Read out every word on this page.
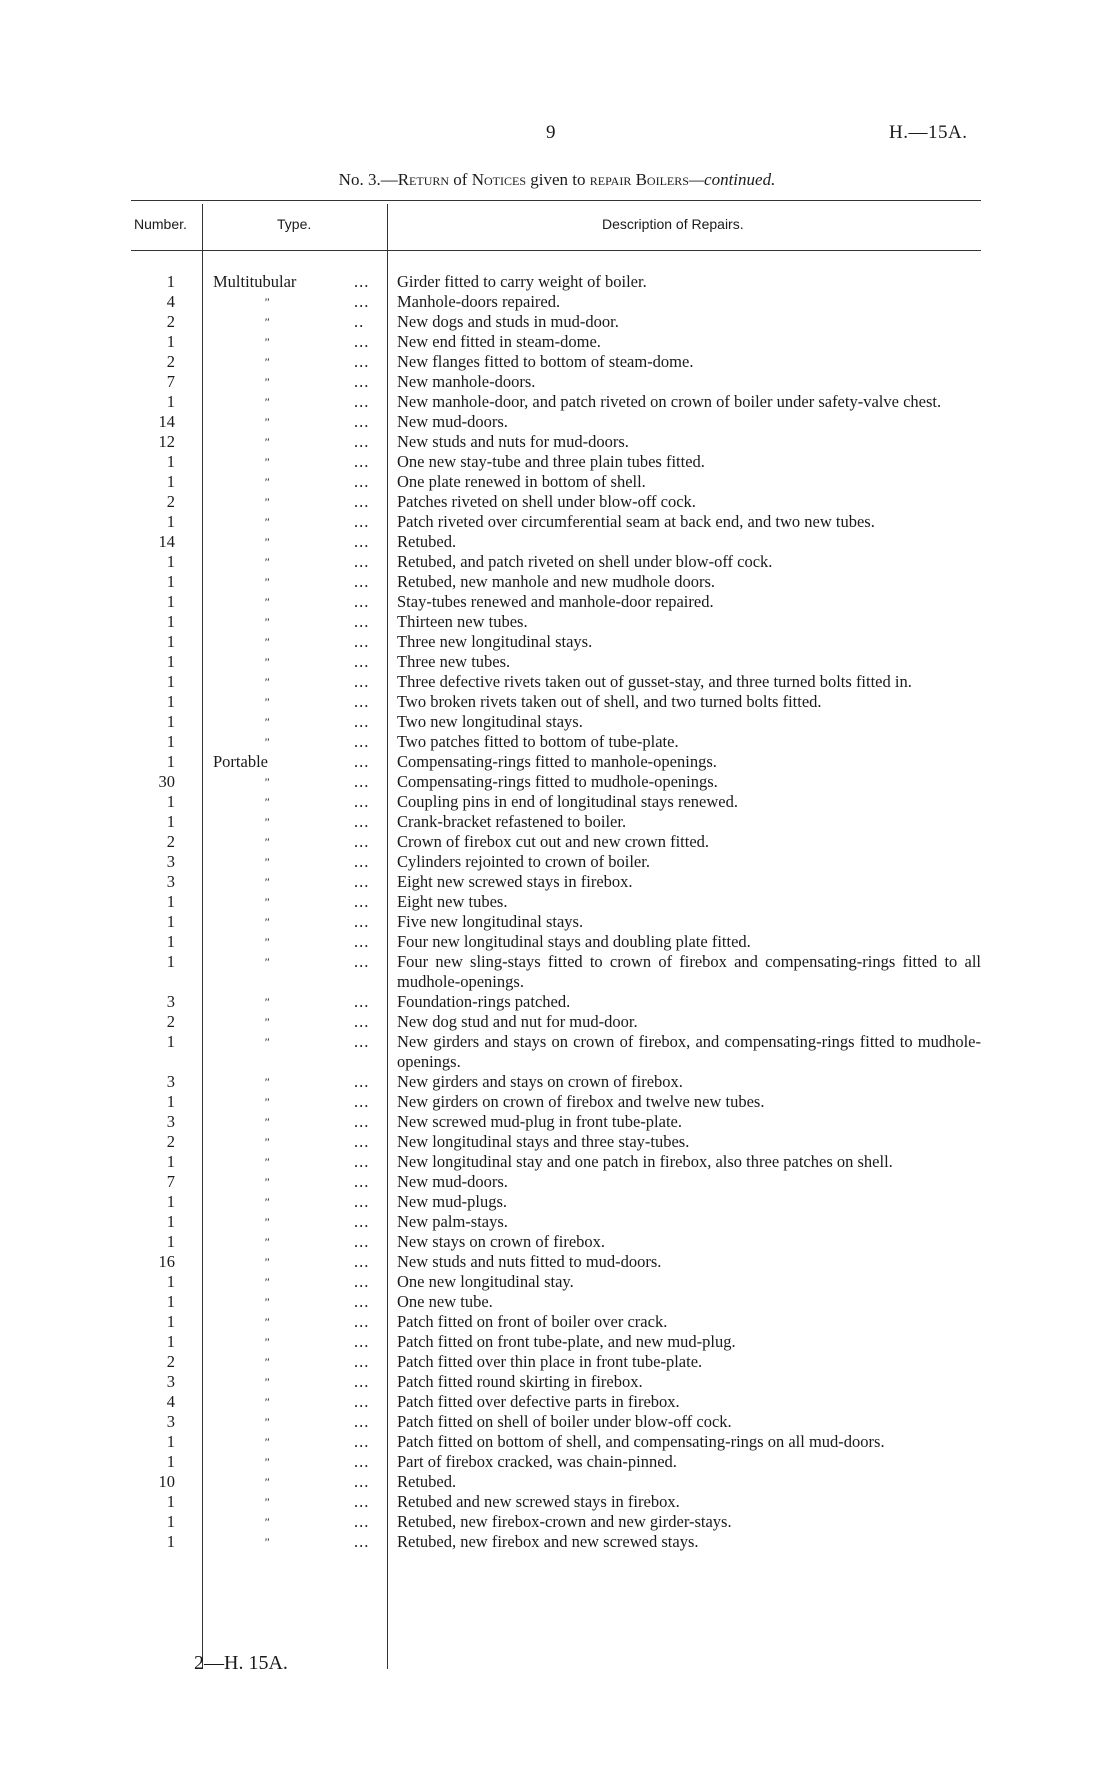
9	H.—15A.
No. 3.—Return of Notices given to repair Boilers—continued.
Number.	Type.	Description of Repairs.
1 Multitubular	... Girder fitted to carry weight of boiler.
4	"	... Manhole-doors repaired.
2	"	.. New dogs and studs in mud-door.
1	"	... New end fitted in steam-dome.
2	"	... New flanges fitted to bottom of steam-dome.
7	"	... New manhole-doors.
1	"	... New manhole-door, and patch riveted on crown of boiler under safety-valve chest.
14	"	... New mud-doors.
12	"	... New studs and nuts for mud-doors.
1	"	... One new stay-tube and three plain tubes fitted.
1	"	... One plate renewed in bottom of shell.
2	"	... Patches riveted on shell under blow-off cock.
1	"	... Patch riveted over circumferential seam at back end, and two new tubes.
14	"	... Retubed.
1	"	... Retubed, and patch riveted on shell under blow-off cock.
1	"	... Retubed, new manhole and new mudhole doors.
1	"	... Stay-tubes renewed and manhole-door repaired.
1	"	... Thirteen new tubes.
1	"	... Three new longitudinal stays.
1	"	... Three new tubes.
1	"	... Three defective rivets taken out of gusset-stay, and three turned bolts fitted in.
1	"	... Two broken rivets taken out of shell, and two turned bolts fitted.
1	"	... Two new longitudinal stays.
1	"	... Two patches fitted to bottom of tube-plate.
1 Portable	... Compensating-rings fitted to manhole-openings.
30	"	... Compensating-rings fitted to mudhole-openings.
1	"	... Coupling pins in end of longitudinal stays renewed.
1	"	... Crank-bracket refastened to boiler.
2	"	... Crown of firebox cut out and new crown fitted.
3	"	... Cylinders rejointed to crown of boiler.
3	"	... Eight new screwed stays in firebox.
1	"	... Eight new tubes.
1	"	... Five new longitudinal stays.
1	"	... Four new longitudinal stays and doubling plate fitted.
1	"	... Four new sling-stays fitted to crown of firebox and compensating-rings fitted to all mudhole-openings.
3	"	... Foundation-rings patched.
2	"	... New dog stud and nut for mud-door.
1	"	... New girders and stays on crown of firebox, and compensating-rings fitted to mudhole-openings.
3	"	... New girders and stays on crown of firebox.
1	"	... New girders on crown of firebox and twelve new tubes.
3	"	... New screwed mud-plug in front tube-plate.
2	"	... New longitudinal stays and three stay-tubes.
1	"	... New longitudinal stay and one patch in firebox, also three patches on shell.
7	"	... New mud-doors.
1	"	... New mud-plugs.
1	"	... New palm-stays.
1	"	... New stays on crown of firebox.
16	"	... New studs and nuts fitted to mud-doors.
1	"	... One new longitudinal stay.
1	"	... One new tube.
1	"	... Patch fitted on front of boiler over crack.
1	"	... Patch fitted on front tube-plate, and new mud-plug.
2	"	... Patch fitted over thin place in front tube-plate.
3	"	... Patch fitted round skirting in firebox.
4	"	... Patch fitted over defective parts in firebox.
3	"	... Patch fitted on shell of boiler under blow-off cock.
1	"	... Patch fitted on bottom of shell, and compensating-rings on all mud-doors.
1	"	... Part of firebox cracked, was chain-pinned.
10	"	... Retubed.
1	"	... Retubed and new screwed stays in firebox.
1	"	... Retubed, new firebox-crown and new girder-stays.
1	"	... Retubed, new firebox and new screwed stays.
2—H. 15A.
